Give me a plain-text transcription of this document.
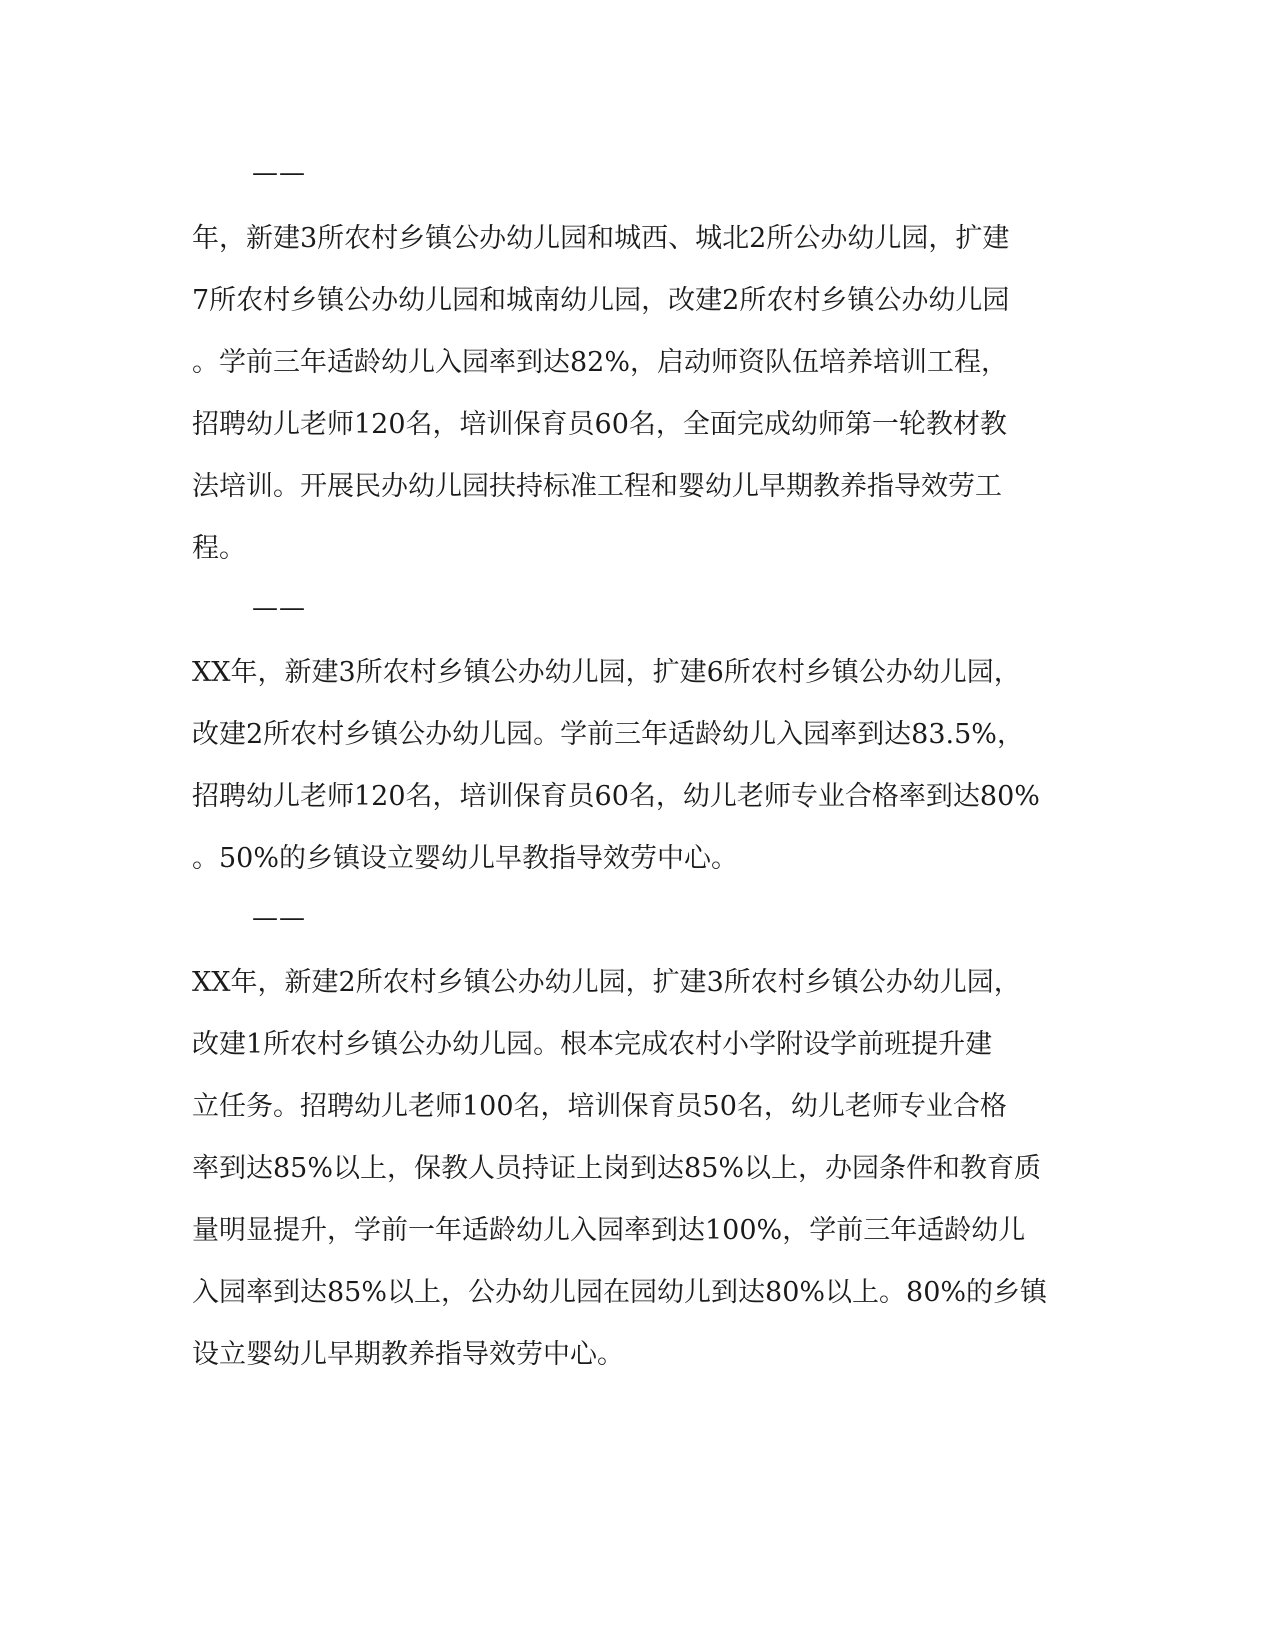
——
年，新建3所农村乡镇公办幼儿园和城西、城北2所公办幼儿园，扩建
7所农村乡镇公办幼儿园和城南幼儿园，改建2所农村乡镇公办幼儿园
。学前三年适龄幼儿入园率到达82%，启动师资队伍培养培训工程，
招聘幼儿老师120名，培训保育员60名，全面完成幼师第一轮教材教
法培训。开展民办幼儿园扶持标准工程和婴幼儿早期教养指导效劳工
程。
——
XX年，新建3所农村乡镇公办幼儿园，扩建6所农村乡镇公办幼儿园，
改建2所农村乡镇公办幼儿园。学前三年适龄幼儿入园率到达83.5%，
招聘幼儿老师120名，培训保育员60名，幼儿老师专业合格率到达80%
。50%的乡镇设立婴幼儿早教指导效劳中心。
——
XX年，新建2所农村乡镇公办幼儿园，扩建3所农村乡镇公办幼儿园，
改建1所农村乡镇公办幼儿园。根本完成农村小学附设学前班提升建
立任务。招聘幼儿老师100名，培训保育员50名，幼儿老师专业合格
率到达85%以上，保教人员持证上岗到达85%以上，办园条件和教育质
量明显提升，学前一年适龄幼儿入园率到达100%，学前三年适龄幼儿
入园率到达85%以上，公办幼儿园在园幼儿到达80%以上。80%的乡镇
设立婴幼儿早期教养指导效劳中心。
